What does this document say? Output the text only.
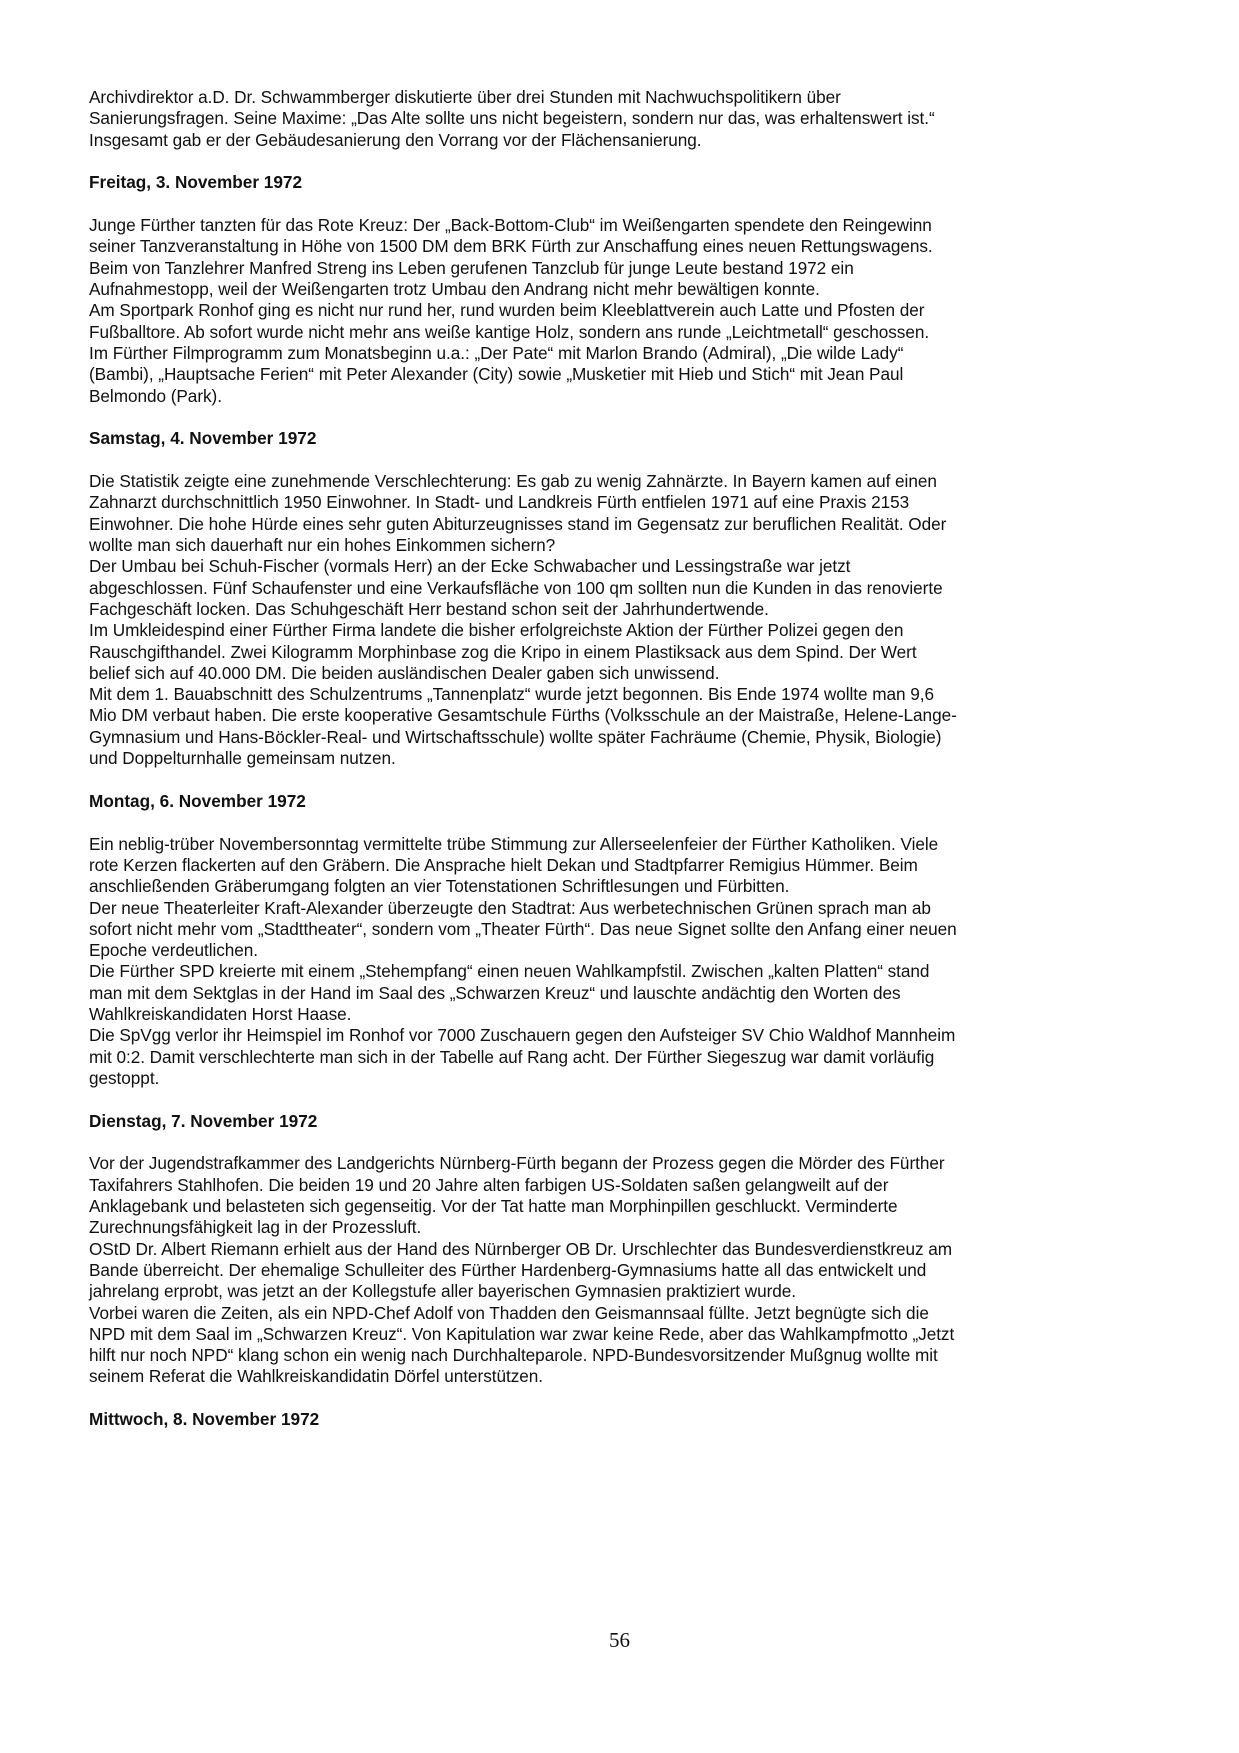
Archivdirektor a.D. Dr. Schwammberger diskutierte über drei Stunden mit Nachwuchspolitikern über
Sanierungsfragen. Seine Maxime: „Das Alte sollte uns nicht begeistern, sondern nur das, was erhaltenswert ist.“
Insgesamt gab er der Gebäudesanierung den Vorrang vor der Flächensanierung.
Freitag, 3. November 1972
Junge Fürther tanzten für das Rote Kreuz: Der „Back-Bottom-Club“ im Weißengarten spendete den Reingewinn
seiner Tanzveranstaltung in Höhe von 1500 DM dem BRK Fürth zur Anschaffung eines neuen Rettungswagens.
Beim von Tanzlehrer Manfred Streng ins Leben gerufenen Tanzclub für junge Leute bestand 1972 ein
Aufnahmestopp, weil der Weißengarten trotz Umbau den Andrang nicht mehr bewältigen konnte.
Am Sportpark Ronhof ging es nicht nur rund her, rund wurden beim Kleeblattverein auch Latte und Pfosten der
Fußballtore. Ab sofort wurde nicht mehr ans weiße kantige Holz, sondern ans runde „Leichtmetall“ geschossen.
Im Fürther Filmprogramm zum Monatsbeginn u.a.: „Der Pate“ mit Marlon Brando (Admiral), „Die wilde Lady“
(Bambi), „Hauptsache Ferien“ mit Peter Alexander (City) sowie „Musketier mit Hieb und Stich“ mit Jean Paul
Belmondo (Park).
Samstag, 4. November 1972
Die Statistik zeigte eine zunehmende Verschlechterung: Es gab zu wenig Zahnärzte. In Bayern kamen auf einen
Zahnarzt durchschnittlich 1950 Einwohner. In Stadt- und Landkreis Fürth entfielen 1971 auf eine Praxis 2153
Einwohner. Die hohe Hürde eines sehr guten Abiturzeugnisses stand im Gegensatz zur beruflichen Realität. Oder
wollte man sich dauerhaft nur ein hohes Einkommen sichern?
Der Umbau bei Schuh-Fischer (vormals Herr) an der Ecke Schwabacher und Lessingstraße war jetzt
abgeschlossen. Fünf Schaufenster und eine Verkaufsfläche von 100 qm sollten nun die Kunden in das renovierte
Fachgeschäft locken. Das Schuhgeschäft Herr bestand schon seit der Jahrhundertwende.
Im Umkleidespind einer Fürther Firma landete die bisher erfolgreichste Aktion der Fürther Polizei gegen den
Rauschgifthandel. Zwei Kilogramm Morphinbase zog die Kripo in einem Plastiksack aus dem Spind. Der Wert
belief sich auf 40.000 DM. Die beiden ausländischen Dealer gaben sich unwissend.
Mit dem 1. Bauabschnitt des Schulzentrums „Tannenplatz“ wurde jetzt begonnen. Bis Ende 1974 wollte man 9,6
Mio DM verbaut haben. Die erste kooperative Gesamtschule Fürths (Volksschule an der Maistraße, Helene-Lange-
Gymnasium und Hans-Böckler-Real- und Wirtschaftsschule) wollte später Fachräume (Chemie, Physik, Biologie)
und Doppelturnhalle gemeinsam nutzen.
Montag, 6. November 1972
Ein neblig-trüber Novembersonntag vermittelte trübe Stimmung zur Allerseelenfeier der Fürther Katholiken. Viele
rote Kerzen flackerten auf den Gräbern. Die Ansprache hielt Dekan und Stadtpfarrer Remigius Hümmer. Beim
anschließenden Gräberumgang folgten an vier Totenstationen Schriftlesungen und Fürbitten.
Der neue Theaterleiter Kraft-Alexander überzeugte den Stadtrat: Aus werbetechnischen Grünen sprach man ab
sofort nicht mehr vom „Stadttheater“, sondern vom „Theater Fürth“. Das neue Signet sollte den Anfang einer neuen
Epoche verdeutlichen.
Die Fürther SPD kreierte mit einem „Stehempfang“ einen neuen Wahlkampfstil. Zwischen „kalten Platten“ stand
man mit dem Sektglas in der Hand im Saal des „Schwarzen Kreuz“ und lauschte andächtig den Worten des
Wahlkreiskandidaten Horst Haase.
Die SpVgg verlor ihr Heimspiel im Ronhof vor 7000 Zuschauern gegen den Aufsteiger SV Chio Waldhof Mannheim
mit 0:2. Damit verschlechterte man sich in der Tabelle auf Rang acht. Der Fürther Siegeszug war damit vorläufig
gestoppt.
Dienstag, 7. November 1972
Vor der Jugendstrafkammer des Landgerichts Nürnberg-Fürth begann der Prozess gegen die Mörder des Fürther
Taxifahrers Stahlhofen. Die beiden 19 und 20 Jahre alten farbigen US-Soldaten saßen gelangweilt auf der
Anklagebank und belasteten sich gegenseitig. Vor der Tat hatte man Morphinpillen geschluckt. Verminderte
Zurechnungsfähigkeit lag in der Prozessluft.
OStD Dr. Albert Riemann erhielt aus der Hand des Nürnberger OB Dr. Urschlechter das Bundesverdienstkreuz am
Bande überreicht. Der ehemalige Schulleiter des Fürther Hardenberg-Gymnasiums hatte all das entwickelt und
jahrelang erprobt, was jetzt an der Kollegstufe aller bayerischen Gymnasien praktiziert wurde.
Vorbei waren die Zeiten, als ein NPD-Chef Adolf von Thadden den Geismannsaal füllte. Jetzt begnügte sich die
NPD mit dem Saal im „Schwarzen Kreuz“. Von Kapitulation war zwar keine Rede, aber das Wahlkampfmotto „Jetzt
hilft nur noch NPD“ klang schon ein wenig nach Durchhalteparole. NPD-Bundesvorsitzender Mußgnug wollte mit
seinem Referat die Wahlkreiskandidatin Dörfel unterstützen.
Mittwoch, 8. November 1972
56
